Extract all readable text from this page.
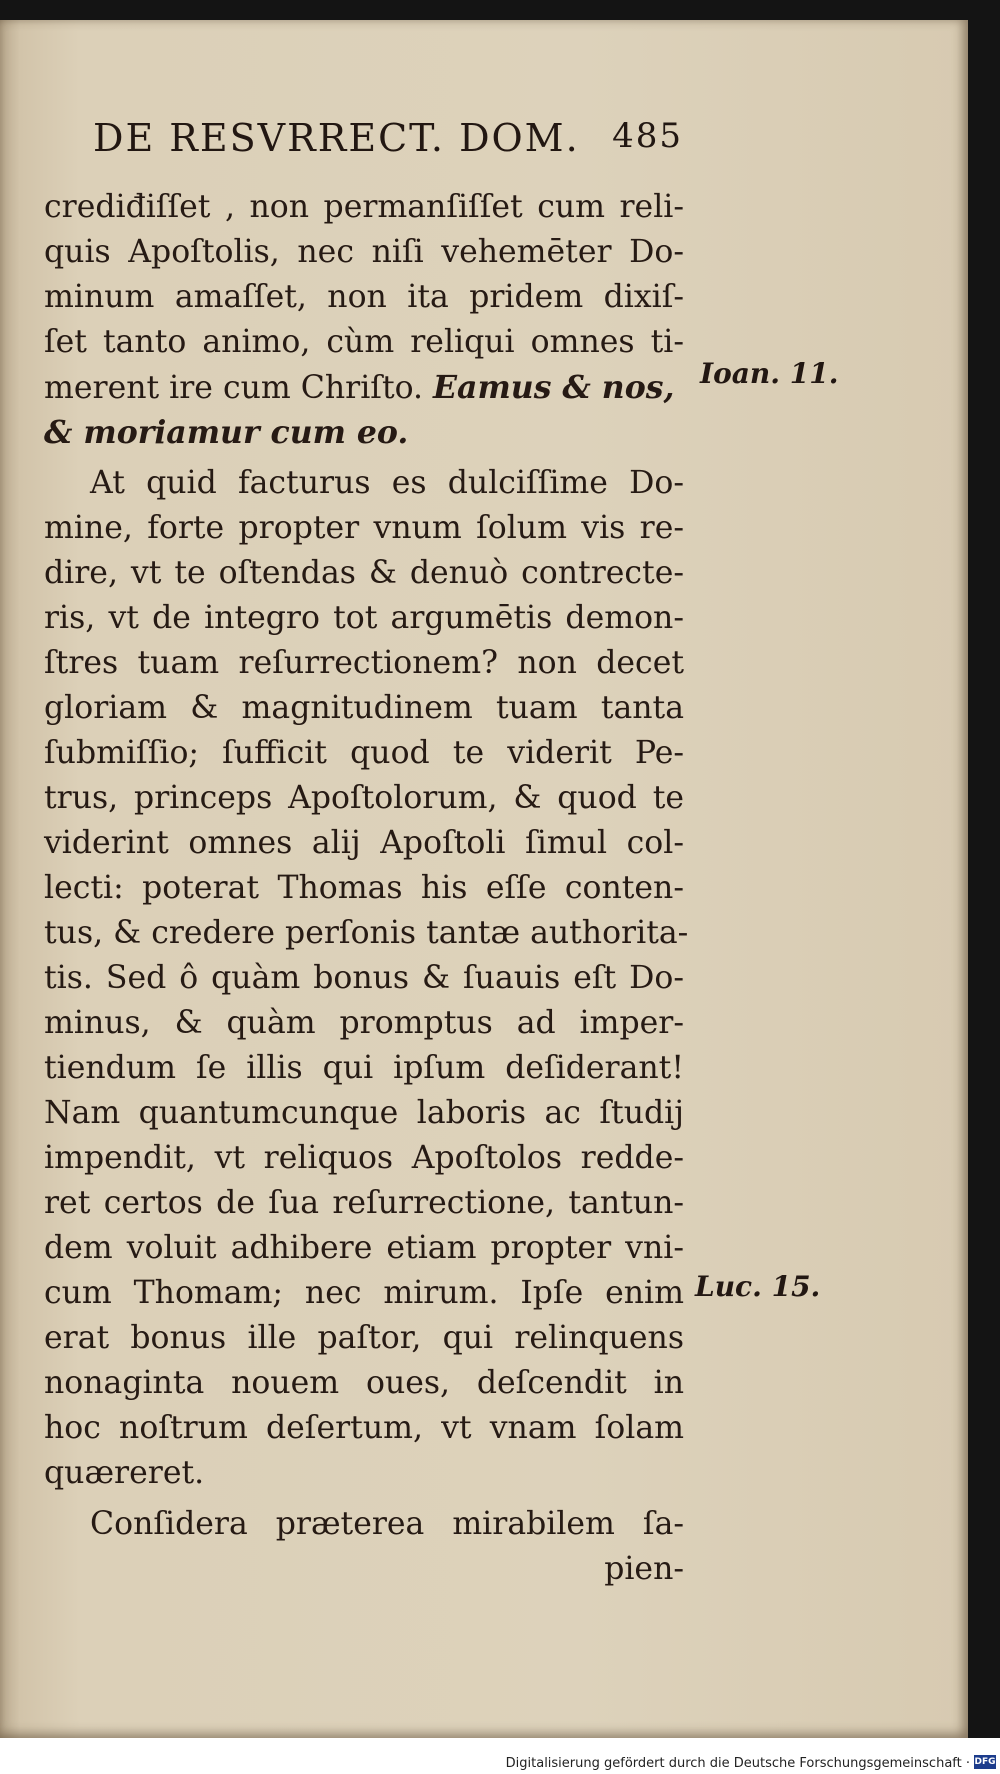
DE RESVRRECT. DOM. 485
crediđiſſet , non permanſiſſet cum reli-
quis Apoſtolis, nec niſi vehemēter Do-
minum amaſſet, non ita pridem dixiſ-
ſet tanto animo, cùm reliqui omnes ti-
merent ire cum Chriſto. Eamus & nos,
& moriamur cum eo.
At quid facturus es dulciſſime Do-
mine, forte propter vnum ſolum vis re-
dire, vt te oſtendas & denuò contrecte-
ris, vt de integro tot argumētis demon-
ſtres tuam reſurrectionem? non decet
gloriam & magnitudinem tuam tanta
ſubmiſſio; ſufficit quod te viderit Pe-
trus, princeps Apoſtolorum, & quod te
viderint omnes alij Apoſtoli ſimul col-
lecti: poterat Thomas his eſſe conten-
tus, & credere perſonis tantæ authorita-
tis. Sed ô quàm bonus & ſuauis eſt Do-
minus, & quàm promptus ad imper-
tiendum ſe illis qui ipſum deſiderant!
Nam quantumcunque laboris ac ſtudij
impendit, vt reliquos Apoſtolos redde-
ret certos de ſua reſurrectione, tantun-
dem voluit adhibere etiam propter vni-
cum Thomam; nec mirum. Ipſe enim
erat bonus ille paſtor, qui relinquens
nonaginta nouem oues, deſcendit in
hoc noſtrum deſertum, vt vnam ſolam
quæreret.
Conſidera præterea mirabilem ſa-
pien-
Ioan. 11.
Luc. 15.
Digitalisierung gefördert durch die Deutsche Forschungsgemeinschaft · DFG
